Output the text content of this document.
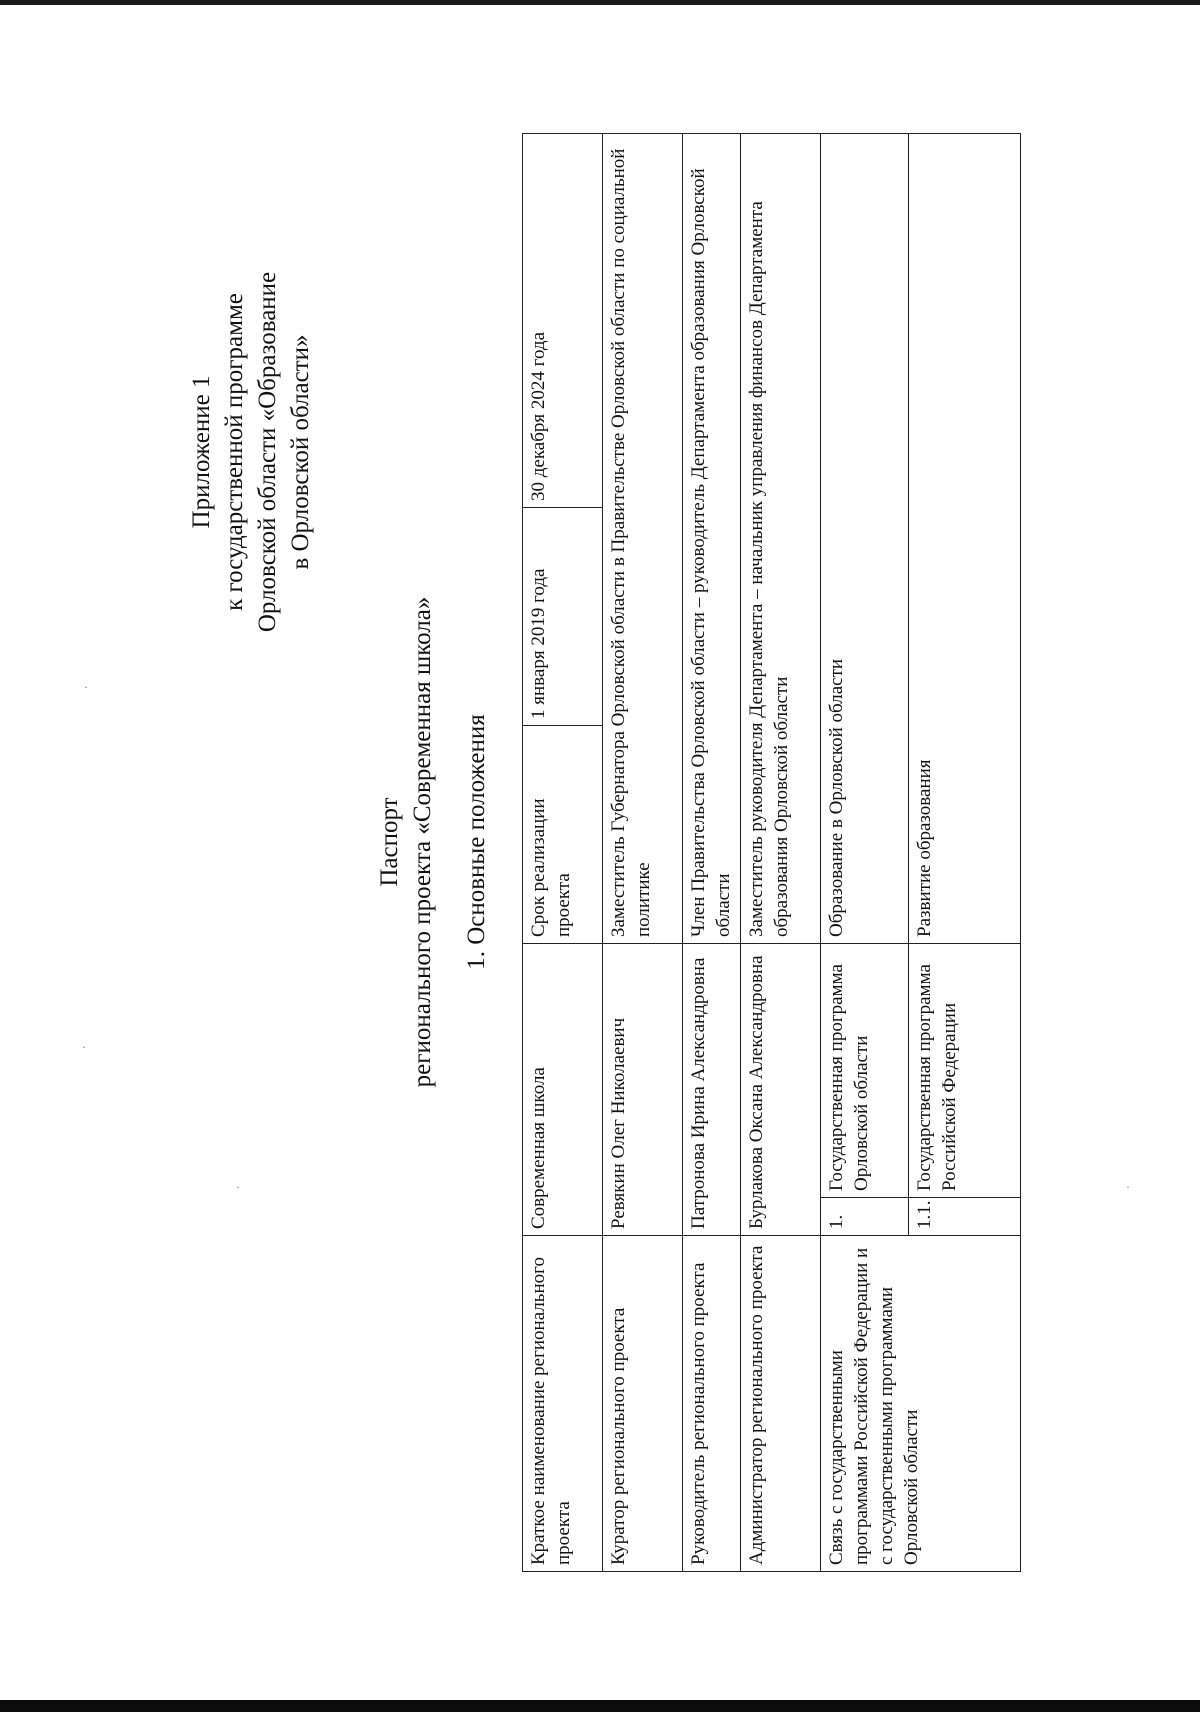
Приложение 1 к государственной программе Орловской области «Образование в Орловской области»
Паспорт регионального проекта «Современная школа» 1. Основные положения
Краткое наименование регионального проекта	Современная школа		Срок реализации проекта	1 января 2019 года	30 декабря 2024 года
Куратор регионального проекта	Ревякин Олег Николаевич		Заместитель Губернатора Орловской области в Правительстве Орловской области по социальной политике		
Руководитель регионального проекта	Патронова Ирина Александровна		Член Правительства Орловской области – руководитель Департамента образования Орловской области		
Администратор регионального проекта	Бурлакова Оксана Александровна		Заместитель руководителя Департамента – начальник управления финансов Департамента образования Орловской области		
Связь с государственными программами Российской Федерации и с государственными программами Орловской области	1.	Государственная программа Орловской области	Образование в Орловской области		
	1.1.	Государственная программа Российской Федерации	Развитие образования		
·
·
·	·
